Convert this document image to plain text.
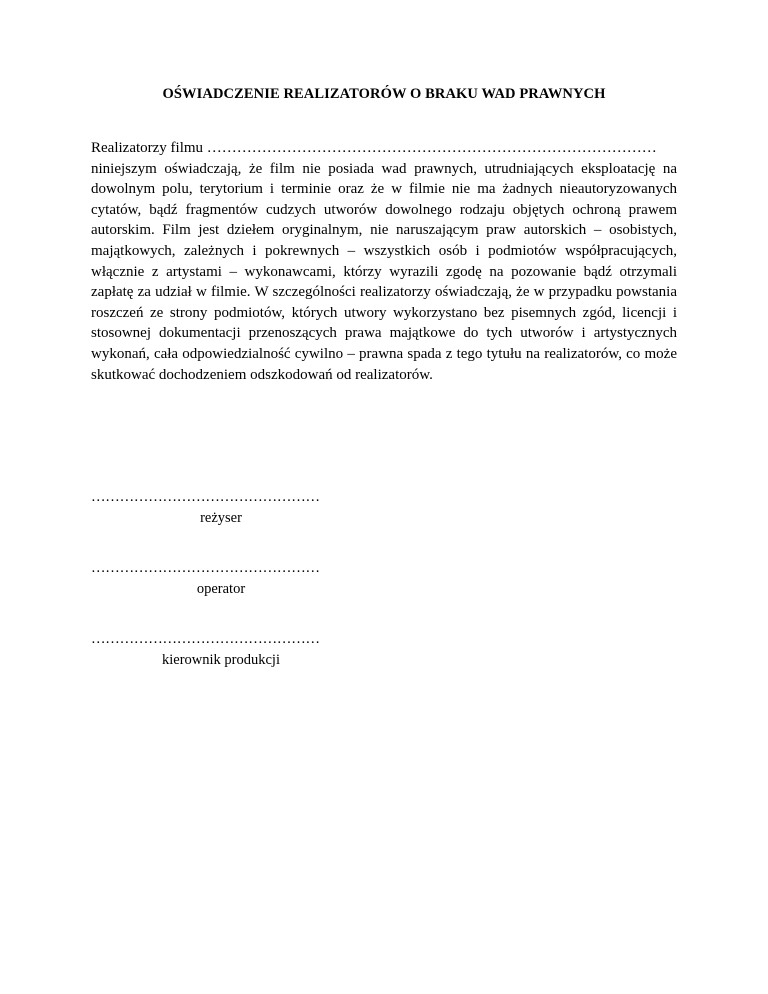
OŚWIADCZENIE REALIZATORÓW O BRAKU WAD PRAWNYCH

Realizatorzy filmu ………………………………………………………………………………

niniejszym oświadczają, że film nie posiada wad prawnych, utrudniających eksploatację na dowolnym polu, terytorium i terminie oraz że w filmie nie ma żadnych nieautoryzowanych cytatów, bądź fragmentów cudzych utworów dowolnego rodzaju objętych ochroną prawem autorskim. Film jest dziełem oryginalnym, nie naruszającym praw autorskich – osobistych, majątkowych, zależnych i pokrewnych – wszystkich osób i podmiotów współpracujących, włącznie z artystami – wykonawcami, którzy wyrazili zgodę na pozowanie bądź otrzymali zapłatę za udział w filmie. W szczególności realizatorzy oświadczają, że w przypadku powstania roszczeń ze strony podmiotów, których utwory wykorzystano bez pisemnych zgód, licencji i stosownej dokumentacji przenoszących prawa majątkowe do tych utworów i artystycznych wykonań, cała odpowiedzialność cywilno – prawna spada z tego tytułu na realizatorów, co może skutkować dochodzeniem odszkodowań od realizatorów.

…………………………………………
reżyser
…………………………………………
operator
…………………………………………
kierownik produkcji
